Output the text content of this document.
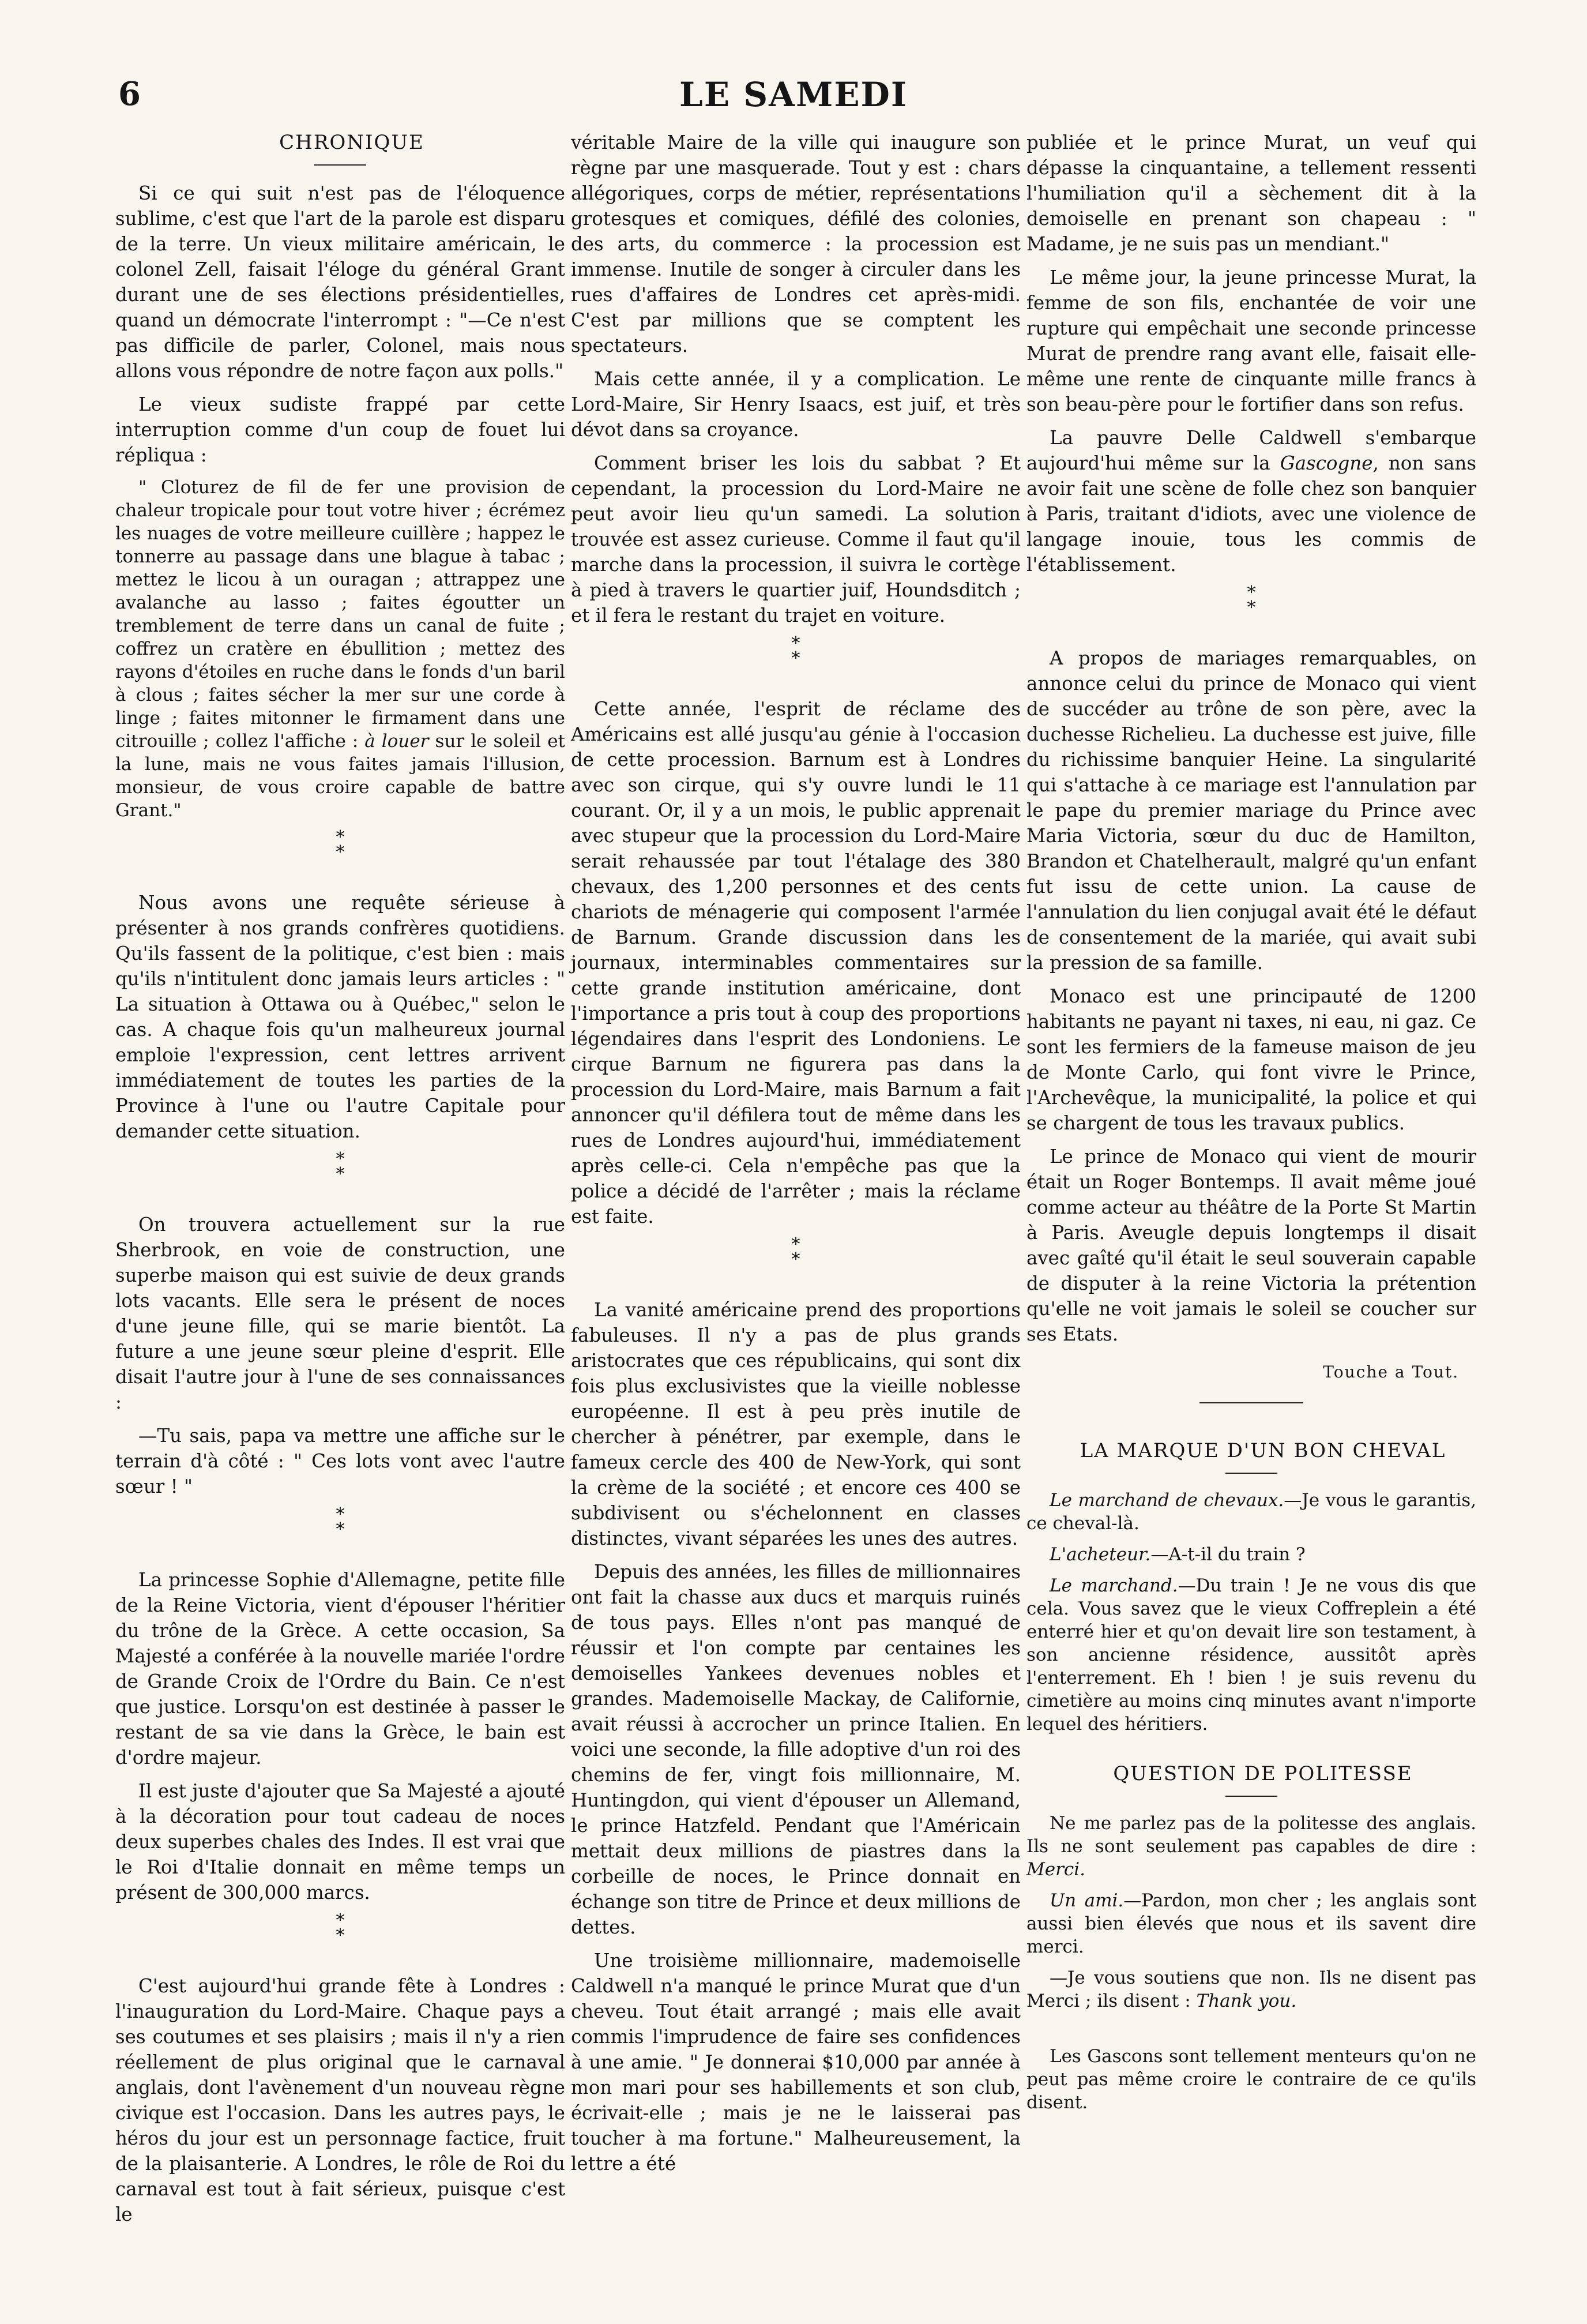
6	LE SAMEDI

CHRONIQUE

Si ce qui suit n'est pas de l'éloquence sublime, c'est que l'art de la parole est disparu de la terre. Un vieux militaire américain, le colonel Zell, faisait l'éloge du général Grant durant une de ses élections présidentielles, quand un démocrate l'interrompt : "—Ce n'est pas difficile de parler, Colonel, mais nous allons vous répondre de notre façon aux polls."

Le vieux sudiste frappé par cette interruption comme d'un coup de fouet lui répliqua :

" Cloturez de fil de fer une provision de chaleur tropicale pour tout votre hiver ; écrémez les nuages de votre meilleure cuillère ; happez le tonnerre au passage dans une blague à tabac ; mettez le licou à un ouragan ; attrappez une avalanche au lasso ; faites égoutter un tremblement de terre dans un canal de fuite ; coffrez un cratère en ébullition ; mettez des rayons d'étoiles en ruche dans le fonds d'un baril à clous ; faites sécher la mer sur une corde à linge ; faites mitonner le firmament dans une citrouille ; collez l'affiche : à louer sur le soleil et la lune, mais ne vous faites jamais l'illusion, monsieur, de vous croire capable de battre Grant."

*
*

Nous avons une requête sérieuse à présenter à nos grands confrères quotidiens. Qu'ils fassent de la politique, c'est bien : mais qu'ils n'intitulent donc jamais leurs articles : " La situation à Ottawa ou à Québec," selon le cas. A chaque fois qu'un malheureux journal emploie l'expression, cent lettres arrivent immédiatement de toutes les parties de la Province à l'une ou l'autre Capitale pour demander cette situation.

*
*

On trouvera actuellement sur la rue Sherbrook, en voie de construction, une superbe maison qui est suivie de deux grands lots vacants. Elle sera le présent de noces d'une jeune fille, qui se marie bientôt. La future a une jeune sœur pleine d'esprit. Elle disait l'autre jour à l'une de ses connaissances :

—Tu sais, papa va mettre une affiche sur le terrain d'à côté : " Ces lots vont avec l'autre sœur ! "

*
*

La princesse Sophie d'Allemagne, petite fille de la Reine Victoria, vient d'épouser l'héritier du trône de la Grèce. A cette occasion, Sa Majesté a conférée à la nouvelle mariée l'ordre de Grande Croix de l'Ordre du Bain. Ce n'est que justice. Lorsqu'on est destinée à passer le restant de sa vie dans la Grèce, le bain est d'ordre majeur.

Il est juste d'ajouter que Sa Majesté a ajouté à la décoration pour tout cadeau de noces deux superbes chales des Indes. Il est vrai que le Roi d'Italie donnait en même temps un présent de 300,000 marcs.

*
*

C'est aujourd'hui grande fête à Londres : l'inauguration du Lord-Maire. Chaque pays a ses coutumes et ses plaisirs ; mais il n'y a rien réellement de plus original que le carnaval anglais, dont l'avènement d'un nouveau règne civique est l'occasion. Dans les autres pays, le héros du jour est un personnage factice, fruit de la plaisanterie. A Londres, le rôle de Roi du carnaval est tout à fait sérieux, puisque c'est le

véritable Maire de la ville qui inaugure son règne par une masquerade. Tout y est : chars allégoriques, corps de métier, représentations grotesques et comiques, défilé des colonies, des arts, du commerce : la procession est immense. Inutile de songer à circuler dans les rues d'affaires de Londres cet après-midi. C'est par millions que se comptent les spectateurs.

Mais cette année, il y a complication. Le Lord-Maire, Sir Henry Isaacs, est juif, et très dévot dans sa croyance.

Comment briser les lois du sabbat ? Et cependant, la procession du Lord-Maire ne peut avoir lieu qu'un samedi. La solution trouvée est assez curieuse. Comme il faut qu'il marche dans la procession, il suivra le cortège à pied à travers le quartier juif, Houndsditch ; et il fera le restant du trajet en voiture.

*
*

Cette année, l'esprit de réclame des Américains est allé jusqu'au génie à l'occasion de cette procession. Barnum est à Londres avec son cirque, qui s'y ouvre lundi le 11 courant. Or, il y a un mois, le public apprenait avec stupeur que la procession du Lord-Maire serait rehaussée par tout l'étalage des 380 chevaux, des 1,200 personnes et des cents chariots de ménagerie qui composent l'armée de Barnum. Grande discussion dans les journaux, interminables commentaires sur cette grande institution américaine, dont l'importance a pris tout à coup des proportions légendaires dans l'esprit des Londoniens. Le cirque Barnum ne figurera pas dans la procession du Lord-Maire, mais Barnum a fait annoncer qu'il défilera tout de même dans les rues de Londres aujourd'hui, immédiatement après celle-ci. Cela n'empêche pas que la police a décidé de l'arrêter ; mais la réclame est faite.

*
*

La vanité américaine prend des proportions fabuleuses. Il n'y a pas de plus grands aristocrates que ces républicains, qui sont dix fois plus exclusivistes que la vieille noblesse européenne. Il est à peu près inutile de chercher à pénétrer, par exemple, dans le fameux cercle des 400 de New-York, qui sont la crème de la société ; et encore ces 400 se subdivisent ou s'échelonnent en classes distinctes, vivant séparées les unes des autres.

Depuis des années, les filles de millionnaires ont fait la chasse aux ducs et marquis ruinés de tous pays. Elles n'ont pas manqué de réussir et l'on compte par centaines les demoiselles Yankees devenues nobles et grandes. Mademoiselle Mackay, de Californie, avait réussi à accrocher un prince Italien. En voici une seconde, la fille adoptive d'un roi des chemins de fer, vingt fois millionnaire, M. Huntingdon, qui vient d'épouser un Allemand, le prince Hatzfeld. Pendant que l'Américain mettait deux millions de piastres dans la corbeille de noces, le Prince donnait en échange son titre de Prince et deux millions de dettes.

Une troisième millionnaire, mademoiselle Caldwell n'a manqué le prince Murat que d'un cheveu. Tout était arrangé ; mais elle avait commis l'imprudence de faire ses confidences à une amie. " Je donnerai $10,000 par année à mon mari pour ses habillements et son club, écrivait-elle ; mais je ne le laisserai pas toucher à ma fortune." Malheureusement, la lettre a été

publiée et le prince Murat, un veuf qui dépasse la cinquantaine, a tellement ressenti l'humiliation qu'il a sèchement dit à la demoiselle en prenant son chapeau : " Madame, je ne suis pas un mendiant."

Le même jour, la jeune princesse Murat, la femme de son fils, enchantée de voir une rupture qui empêchait une seconde princesse Murat de prendre rang avant elle, faisait elle-même une rente de cinquante mille francs à son beau-père pour le fortifier dans son refus.

La pauvre Delle Caldwell s'embarque aujourd'hui même sur la Gascogne, non sans avoir fait une scène de folle chez son banquier à Paris, traitant d'idiots, avec une violence de langage inouie, tous les commis de l'établissement.

*
*

A propos de mariages remarquables, on annonce celui du prince de Monaco qui vient de succéder au trône de son père, avec la duchesse Richelieu. La duchesse est juive, fille du richissime banquier Heine. La singularité qui s'attache à ce mariage est l'annulation par le pape du premier mariage du Prince avec Maria Victoria, sœur du duc de Hamilton, Brandon et Chatelherault, malgré qu'un enfant fut issu de cette union. La cause de l'annulation du lien conjugal avait été le défaut de consentement de la mariée, qui avait subi la pression de sa famille.

Monaco est une principauté de 1200 habitants ne payant ni taxes, ni eau, ni gaz. Ce sont les fermiers de la fameuse maison de jeu de Monte Carlo, qui font vivre le Prince, l'Archevêque, la municipalité, la police et qui se chargent de tous les travaux publics.

Le prince de Monaco qui vient de mourir était un Roger Bontemps. Il avait même joué comme acteur au théâtre de la Porte St Martin à Paris. Aveugle depuis longtemps il disait avec gaîté qu'il était le seul souverain capable de disputer à la reine Victoria la prétention qu'elle ne voit jamais le soleil se coucher sur ses Etats.

Touche a Tout.

LA MARQUE D'UN BON CHEVAL

Le marchand de chevaux.—Je vous le garantis, ce cheval-là.

L'acheteur.—A-t-il du train ?

Le marchand.—Du train ! Je ne vous dis que cela. Vous savez que le vieux Coffreplein a été enterré hier et qu'on devait lire son testament, à son ancienne résidence, aussitôt après l'enterrement. Eh ! bien ! je suis revenu du cimetière au moins cinq minutes avant n'importe lequel des héritiers.

QUESTION DE POLITESSE

Ne me parlez pas de la politesse des anglais. Ils ne sont seulement pas capables de dire : Merci.

Un ami.—Pardon, mon cher ; les anglais sont aussi bien élevés que nous et ils savent dire merci.

—Je vous soutiens que non. Ils ne disent pas Merci ; ils disent : Thank you.

Les Gascons sont tellement menteurs qu'on ne peut pas même croire le contraire de ce qu'ils disent.
